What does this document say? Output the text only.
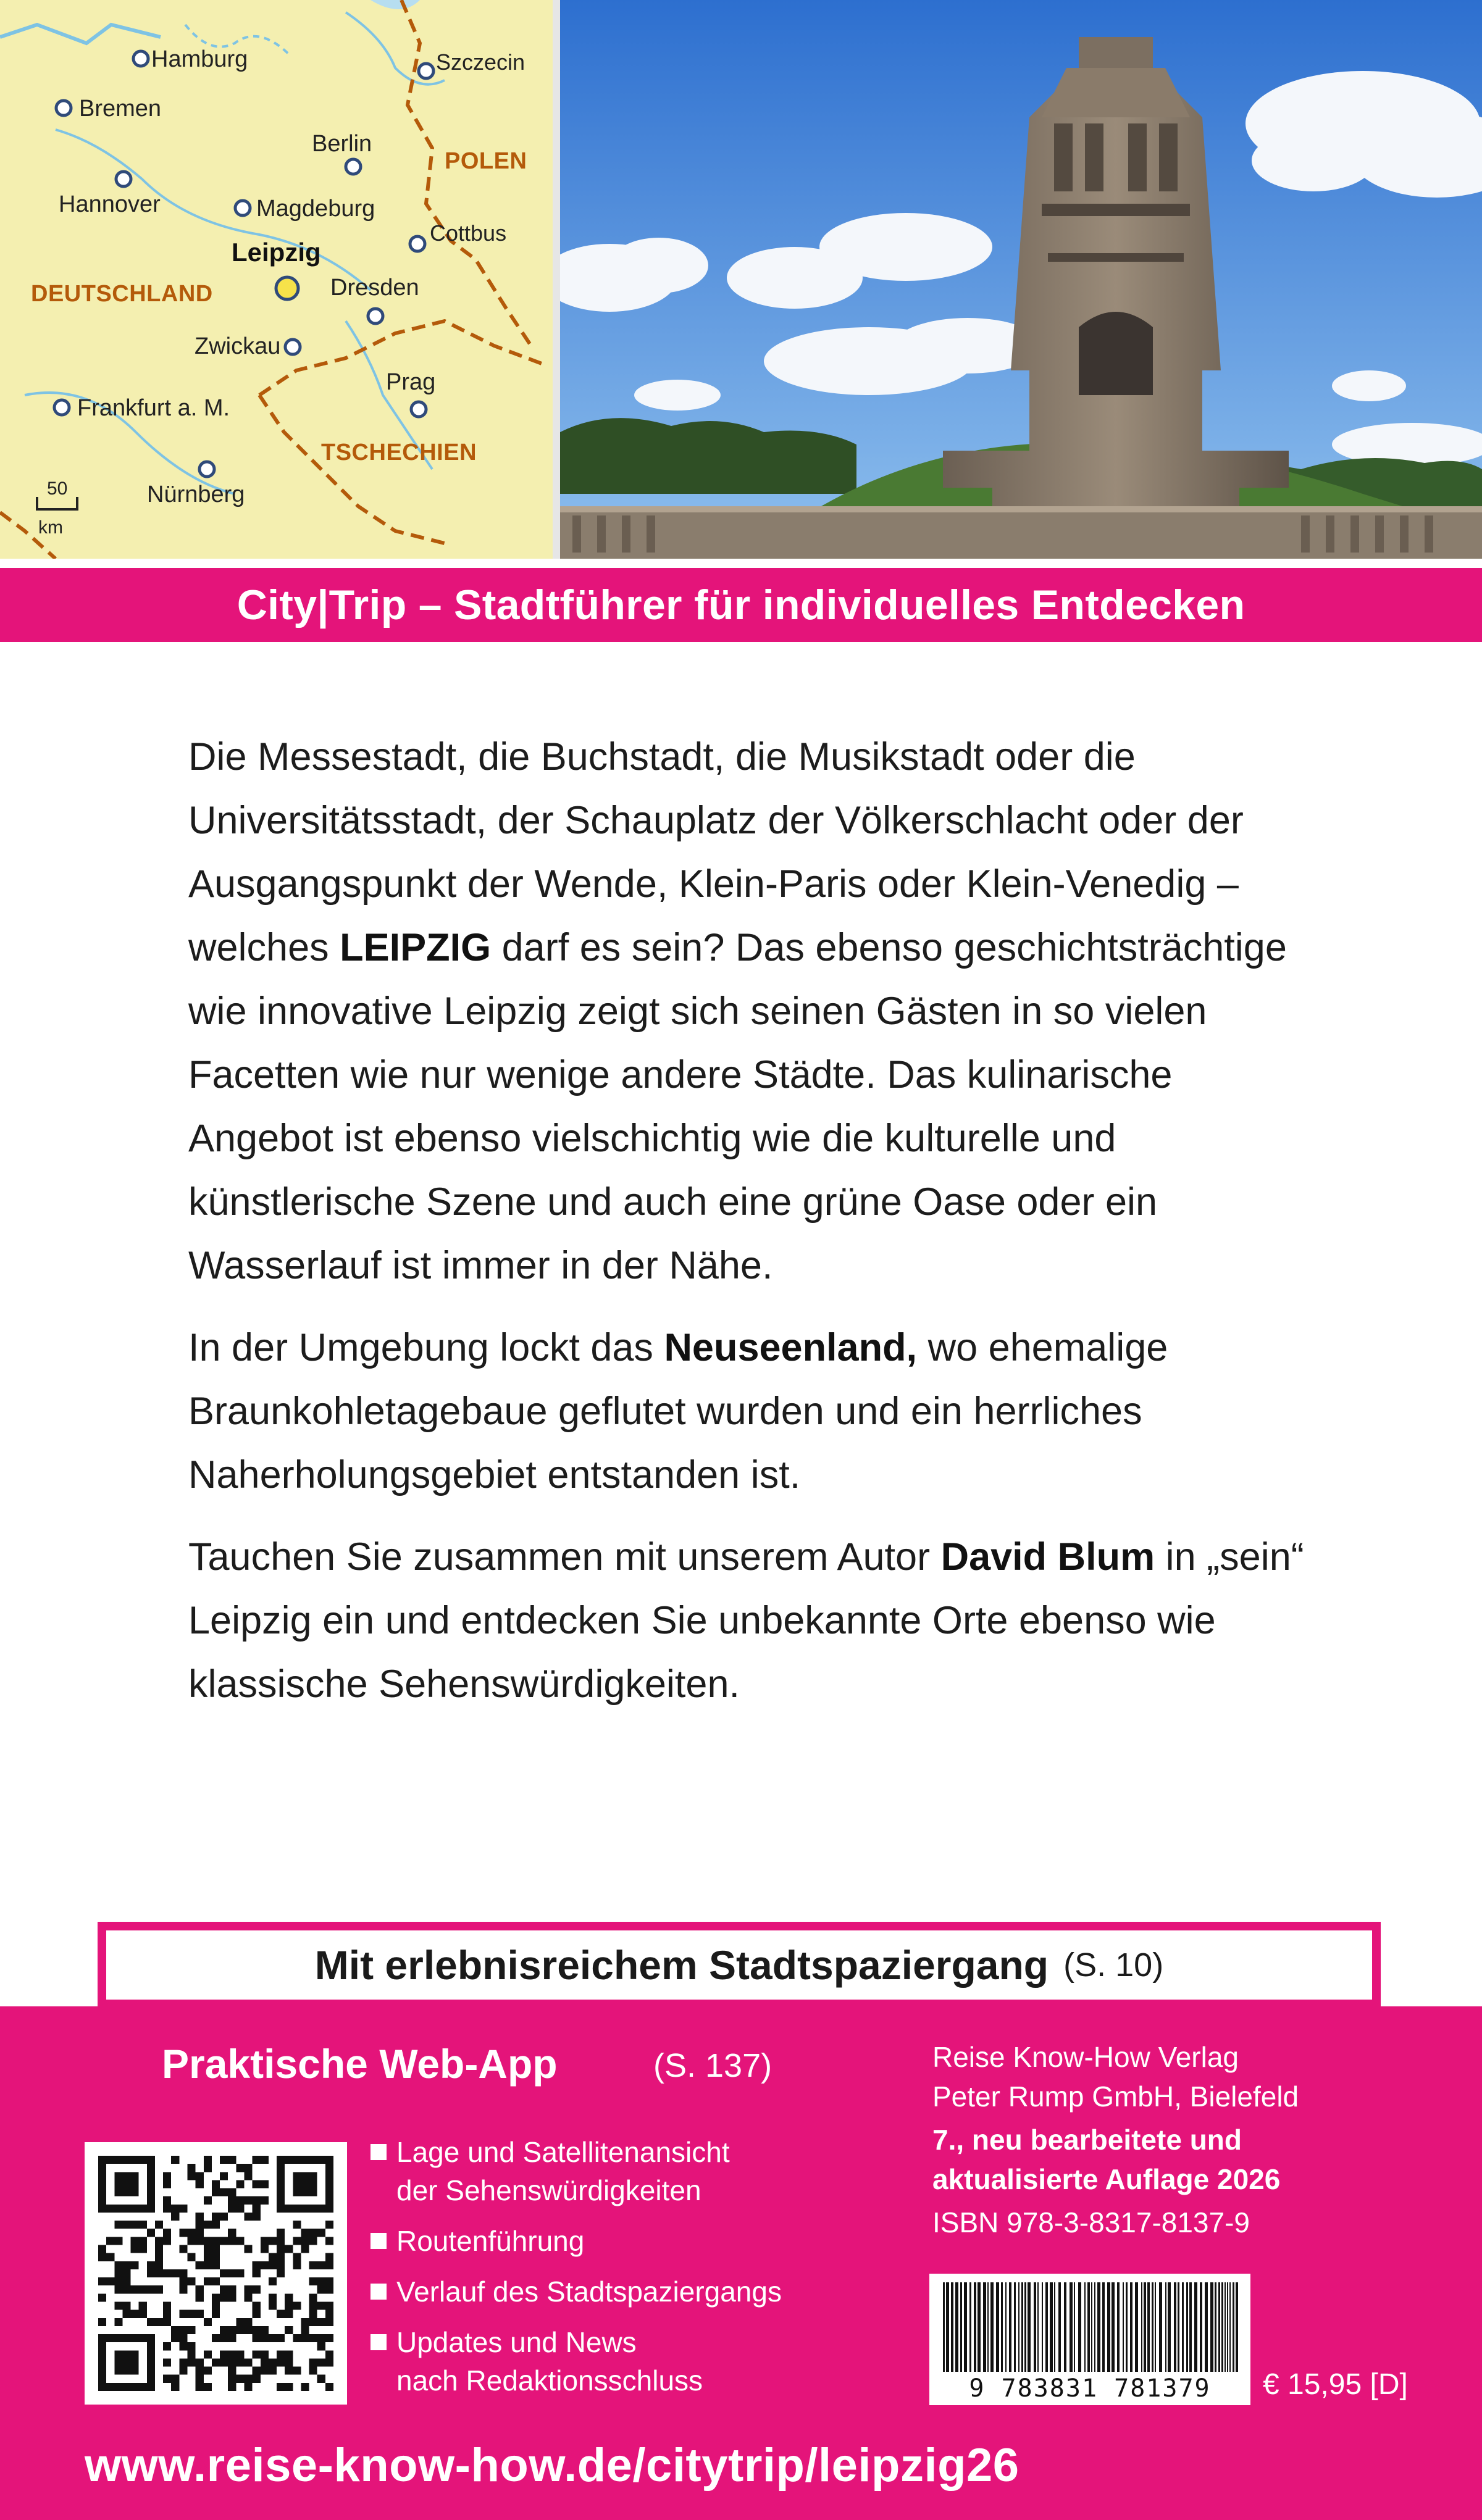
Hamburg	Szczecin
Bremen
Berlin
Hannover	Magdeburg
Cottbus
Leipzig
Dresden
Zwickau
Prag
Frankfurt a. M.
Nürnberg
POLEN
DEUTSCHLAND
TSCHECHIEN
50
km
City|Trip – Stadtführer für individuelles Entdecken

Die Messestadt, die Buchstadt, die Musikstadt oder die Universitätsstadt, der Schauplatz der Völkerschlacht oder der Ausgangspunkt der Wende, Klein-Paris oder Klein-Venedig – welches LEIPZIG darf es sein? Das ebenso geschichtsträchtige wie innovative Leipzig zeigt sich seinen Gästen in so vielen Facetten wie nur wenige andere Städte. Das kulinarische Angebot ist ebenso vielschichtig wie die kulturelle und künstlerische Szene und auch eine grüne Oase oder ein Wasserlauf ist immer in der Nähe.

In der Umgebung lockt das Neuseenland, wo ehemalige Braunkohletagebaue geflutet wurden und ein herrliches Naherholungsgebiet entstanden ist.

Tauchen Sie zusammen mit unserem Autor David Blum in „sein“ Leipzig ein und entdecken Sie unbekannte Orte ebenso wie klassische Sehenswürdigkeiten.

Mit erlebnisreichem Stadtspaziergang (S. 10)
Praktische Web-App	(S. 137)
Lage und Satellitenansicht
der Sehenswürdigkeiten
Routenführung
Verlauf des Stadtspaziergangs
Updates und News
nach Redaktionsschluss
Reise Know-How Verlag
Peter Rump GmbH, Bielefeld
7., neu bearbeitete und
aktualisierte Auflage 2026
ISBN 978-3-8317-8137-9
9 783831 781379	€ 15,95 [D]
www.reise-know-how.de/citytrip/leipzig26
